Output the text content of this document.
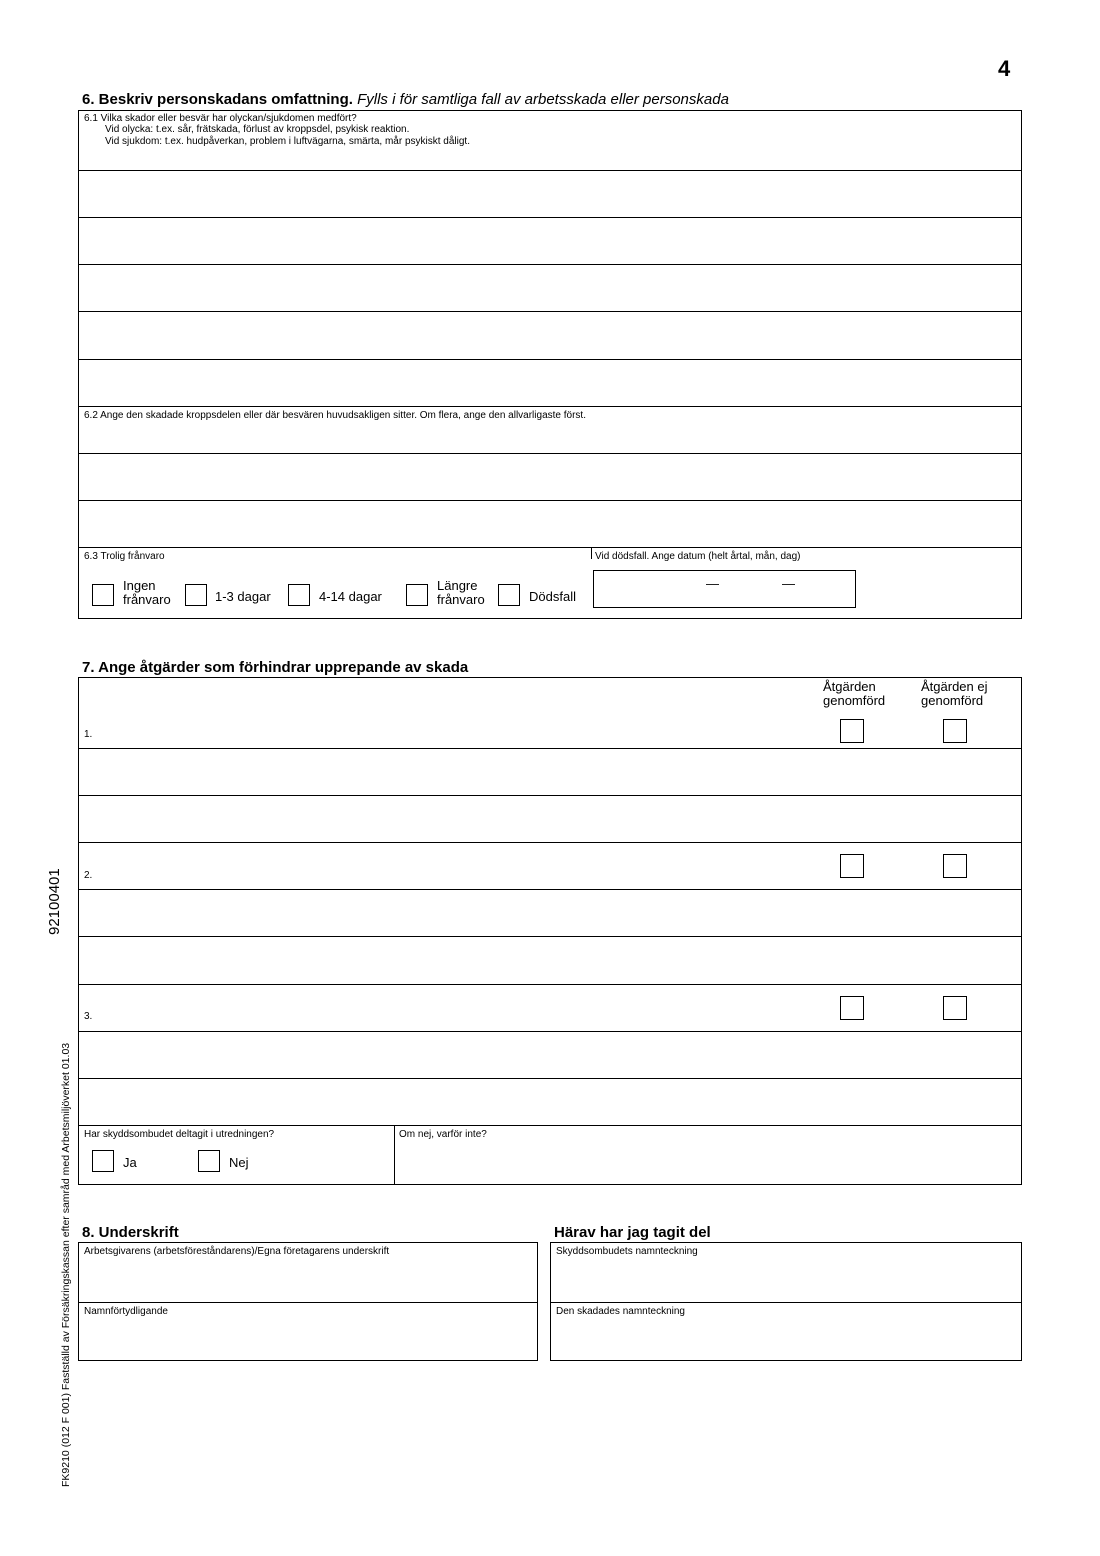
4
6. Beskriv personskadans omfattning. Fylls i för samtliga fall av arbetsskada eller personskada
6.1 Vilka skador eller besvär har olyckan/sjukdomen medfört?
Vid olycka: t.ex. sår, frätskada, förlust av kroppsdel, psykisk reaktion.
Vid sjukdom: t.ex. hudpåverkan, problem i luftvägarna, smärta, mår psykiskt dåligt.
6.2 Ange den skadade kroppsdelen eller där besvären huvudsakligen sitter. Om flera, ange den allvarligaste först.
6.3 Trolig frånvaro	Vid dödsfall. Ange datum (helt årtal, mån, dag)
Ingen
frånvaro	1-3 dagar	4-14 dagar
Längre
frånvaro	Dödsfall
—	—
7. Ange åtgärder som förhindrar upprepande av skada
Åtgärden
genomförd
Åtgärden ej
genomförd
1.
2.
3.
Har skyddsombudet deltagit i utredningen?	Om nej, varför inte?
Ja	Nej
8. Underskrift	Härav har jag tagit del
Arbetsgivarens (arbetsföreståndarens)/Egna företagarens underskrift
Namnförtydligande
Skyddsombudets namnteckning
Den skadades namnteckning
FK9210 (012 F 001) Fastställd av Försäkringskassan efter samråd med Arbetsmiljöverket 01.03
92100401
